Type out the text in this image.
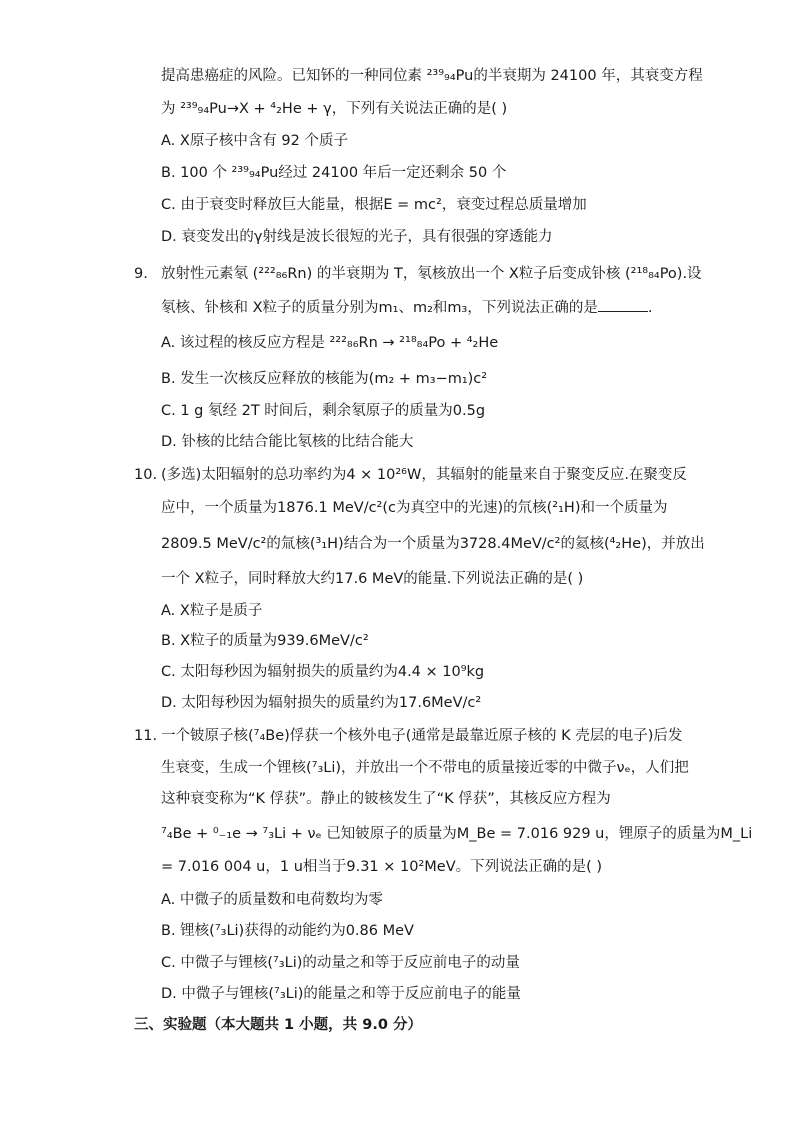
提高患癌症的风险。已知钚的一种同位素 ²³⁹₉₄Pu的半衰期为 24100 年，其衰变方程
为 ²³⁹₉₄Pu→X + ⁴₂He + γ，下列有关说法正确的是( )
A. X原子核中含有 92 个质子
B. 100 个 ²³⁹₉₄Pu经过 24100 年后一定还剩余 50 个
C. 由于衰变时释放巨大能量，根据E = mc²，衰变过程总质量增加
D. 衰变发出的γ射线是波长很短的光子，具有很强的穿透能力
9. 放射性元素氡 (²²²₈₆Rn) 的半衰期为 T，氡核放出一个 X粒子后变成钋核 (²¹⁸₈₄Po).设
氡核、钋核和 X粒子的质量分别为m₁、m₂和m₃，下列说法正确的是	.
A. 该过程的核反应方程是 ²²²₈₆Rn → ²¹⁸₈₄Po + ⁴₂He
B. 发生一次核反应释放的核能为(m₂ + m₃−m₁)c²
C. 1 g 氡经 2T 时间后，剩余氡原子的质量为0.5g
D. 钋核的比结合能比氡核的比结合能大
10. (多选)太阳辐射的总功率约为4 × 10²⁶W，其辐射的能量来自于聚变反应.在聚变反
应中，一个质量为1876.1 MeV/c²(c为真空中的光速)的氘核(²₁H)和一个质量为
2809.5 MeV/c²的氚核(³₁H)结合为一个质量为3728.4MeV/c²的氦核(⁴₂He)，并放出
一个 X粒子，同时释放大约17.6 MeV的能量.下列说法正确的是( )
A. X粒子是质子
B. X粒子的质量为939.6MeV/c²
C. 太阳每秒因为辐射损失的质量约为4.4 × 10⁹kg
D. 太阳每秒因为辐射损失的质量约为17.6MeV/c²
11. 一个铍原子核(⁷₄Be)俘获一个核外电子(通常是最靠近原子核的 K 壳层的电子)后发
生衰变，生成一个锂核(⁷₃Li)，并放出一个不带电的质量接近零的中微子νₑ，人们把
这种衰变称为“K 俘获”。静止的铍核发生了“K 俘获”，其核反应方程为
⁷₄Be + ⁰₋₁e → ⁷₃Li + νₑ 已知铍原子的质量为M_Be = 7.016 929 u，锂原子的质量为M_Li
= 7.016 004 u，1 u相当于9.31 × 10²MeV。下列说法正确的是( )
A. 中微子的质量数和电荷数均为零
B. 锂核(⁷₃Li)获得的动能约为0.86 MeV
C. 中微子与锂核(⁷₃Li)的动量之和等于反应前电子的动量
D. 中微子与锂核(⁷₃Li)的能量之和等于反应前电子的能量
三、实验题（本大题共 1 小题，共 9.0 分）
